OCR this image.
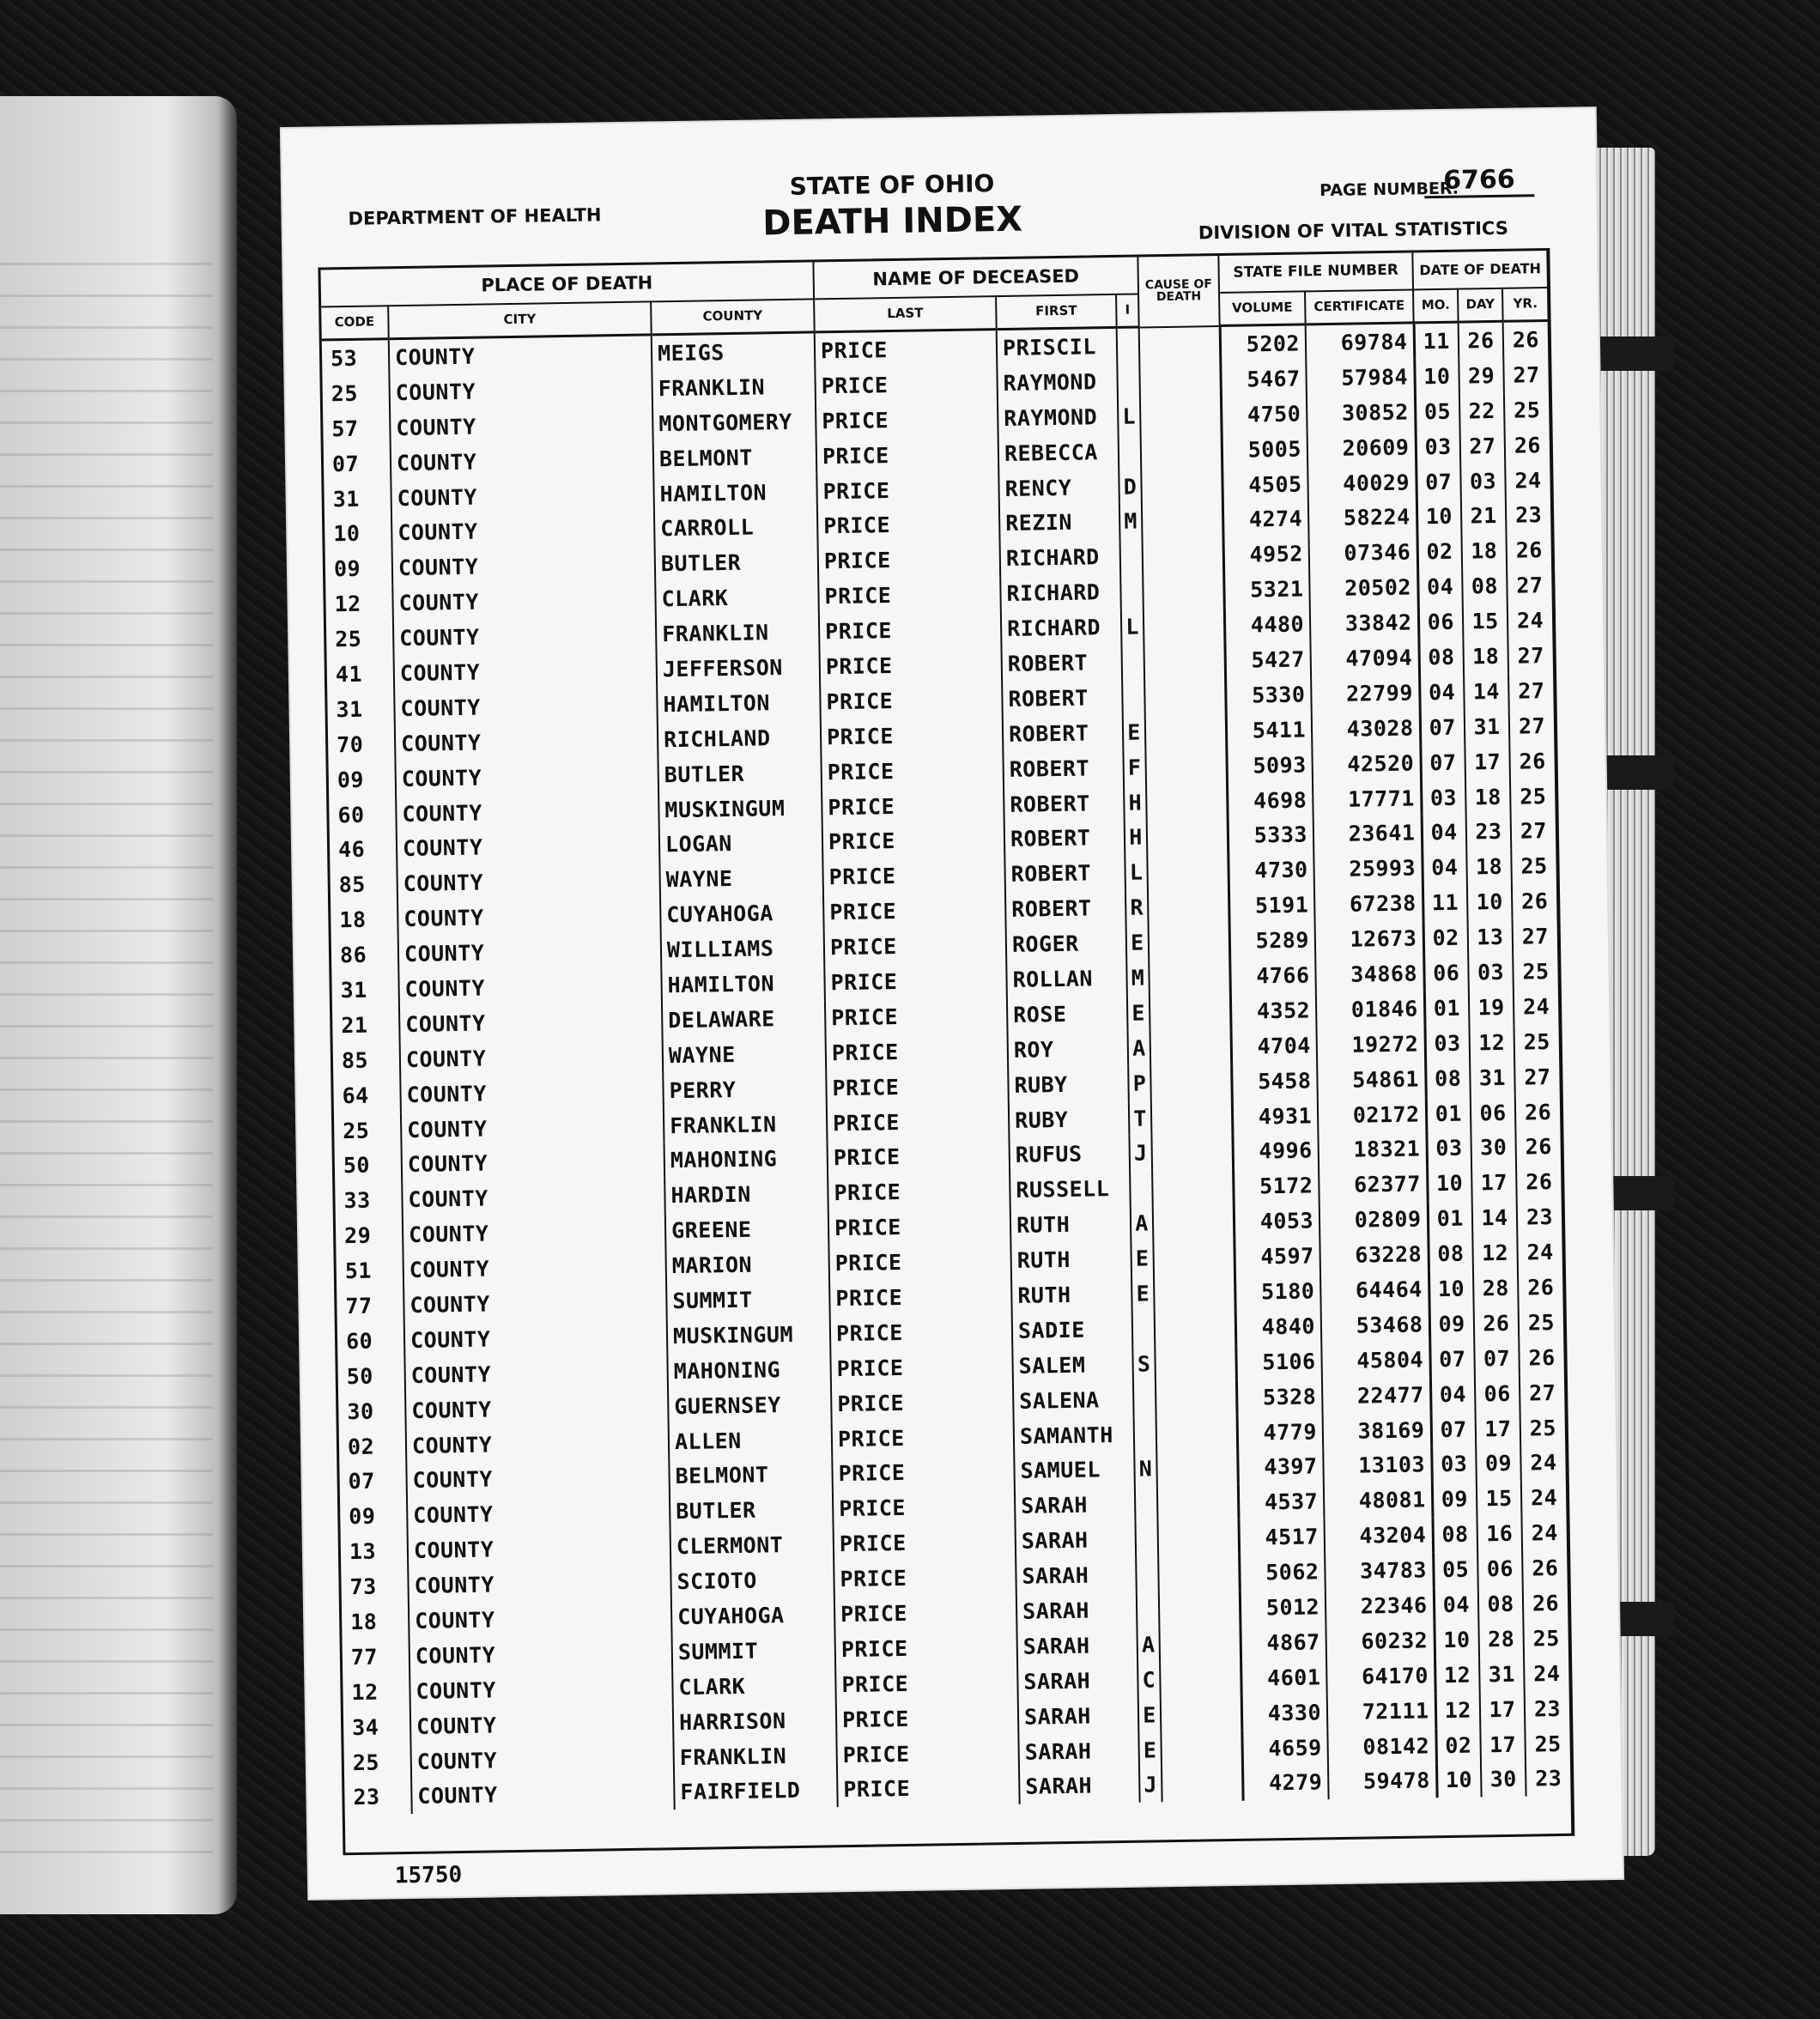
DEPARTMENT OF HEALTH
STATE OF OHIO
DEATH INDEX
PAGE NUMBER:
6766
DIVISION OF VITAL STATISTICS
PLACE OF DEATH			NAME OF DECEASED			CAUSE OF DEATH	STATE FILE NUMBER		DATE OF DEATH		
CODE	CITY	COUNTY	LAST	FIRST	I		VOLUME	CERTIFICATE	MO.	DAY	YR.
53	COUNTY	MEIGS	PRICE	PRISCIL			5202	69784	11	26	26
25	COUNTY	FRANKLIN	PRICE	RAYMOND			5467	57984	10	29	27
57	COUNTY	MONTGOMERY	PRICE	RAYMOND	L		4750	30852	05	22	25
07	COUNTY	BELMONT	PRICE	REBECCA			5005	20609	03	27	26
31	COUNTY	HAMILTON	PRICE	RENCY	D		4505	40029	07	03	24
10	COUNTY	CARROLL	PRICE	REZIN	M		4274	58224	10	21	23
09	COUNTY	BUTLER	PRICE	RICHARD			4952	07346	02	18	26
12	COUNTY	CLARK	PRICE	RICHARD			5321	20502	04	08	27
25	COUNTY	FRANKLIN	PRICE	RICHARD	L		4480	33842	06	15	24
41	COUNTY	JEFFERSON	PRICE	ROBERT			5427	47094	08	18	27
31	COUNTY	HAMILTON	PRICE	ROBERT			5330	22799	04	14	27
70	COUNTY	RICHLAND	PRICE	ROBERT	E		5411	43028	07	31	27
09	COUNTY	BUTLER	PRICE	ROBERT	F		5093	42520	07	17	26
60	COUNTY	MUSKINGUM	PRICE	ROBERT	H		4698	17771	03	18	25
46	COUNTY	LOGAN	PRICE	ROBERT	H		5333	23641	04	23	27
85	COUNTY	WAYNE	PRICE	ROBERT	L		4730	25993	04	18	25
18	COUNTY	CUYAHOGA	PRICE	ROBERT	R		5191	67238	11	10	26
86	COUNTY	WILLIAMS	PRICE	ROGER	E		5289	12673	02	13	27
31	COUNTY	HAMILTON	PRICE	ROLLAN	M		4766	34868	06	03	25
21	COUNTY	DELAWARE	PRICE	ROSE	E		4352	01846	01	19	24
85	COUNTY	WAYNE	PRICE	ROY	A		4704	19272	03	12	25
64	COUNTY	PERRY	PRICE	RUBY	P		5458	54861	08	31	27
25	COUNTY	FRANKLIN	PRICE	RUBY	T		4931	02172	01	06	26
50	COUNTY	MAHONING	PRICE	RUFUS	J		4996	18321	03	30	26
33	COUNTY	HARDIN	PRICE	RUSSELL			5172	62377	10	17	26
29	COUNTY	GREENE	PRICE	RUTH	A		4053	02809	01	14	23
51	COUNTY	MARION	PRICE	RUTH	E		4597	63228	08	12	24
77	COUNTY	SUMMIT	PRICE	RUTH	E		5180	64464	10	28	26
60	COUNTY	MUSKINGUM	PRICE	SADIE			4840	53468	09	26	25
50	COUNTY	MAHONING	PRICE	SALEM	S		5106	45804	07	07	26
30	COUNTY	GUERNSEY	PRICE	SALENA			5328	22477	04	06	27
02	COUNTY	ALLEN	PRICE	SAMANTH			4779	38169	07	17	25
07	COUNTY	BELMONT	PRICE	SAMUEL	N		4397	13103	03	09	24
09	COUNTY	BUTLER	PRICE	SARAH			4537	48081	09	15	24
13	COUNTY	CLERMONT	PRICE	SARAH			4517	43204	08	16	24
73	COUNTY	SCIOTO	PRICE	SARAH			5062	34783	05	06	26
18	COUNTY	CUYAHOGA	PRICE	SARAH			5012	22346	04	08	26
77	COUNTY	SUMMIT	PRICE	SARAH	A		4867	60232	10	28	25
12	COUNTY	CLARK	PRICE	SARAH	C		4601	64170	12	31	24
34	COUNTY	HARRISON	PRICE	SARAH	E		4330	72111	12	17	23
25	COUNTY	FRANKLIN	PRICE	SARAH	E		4659	08142	02	17	25
23	COUNTY	FAIRFIELD	PRICE	SARAH	J		4279	59478	10	30	23
15750
